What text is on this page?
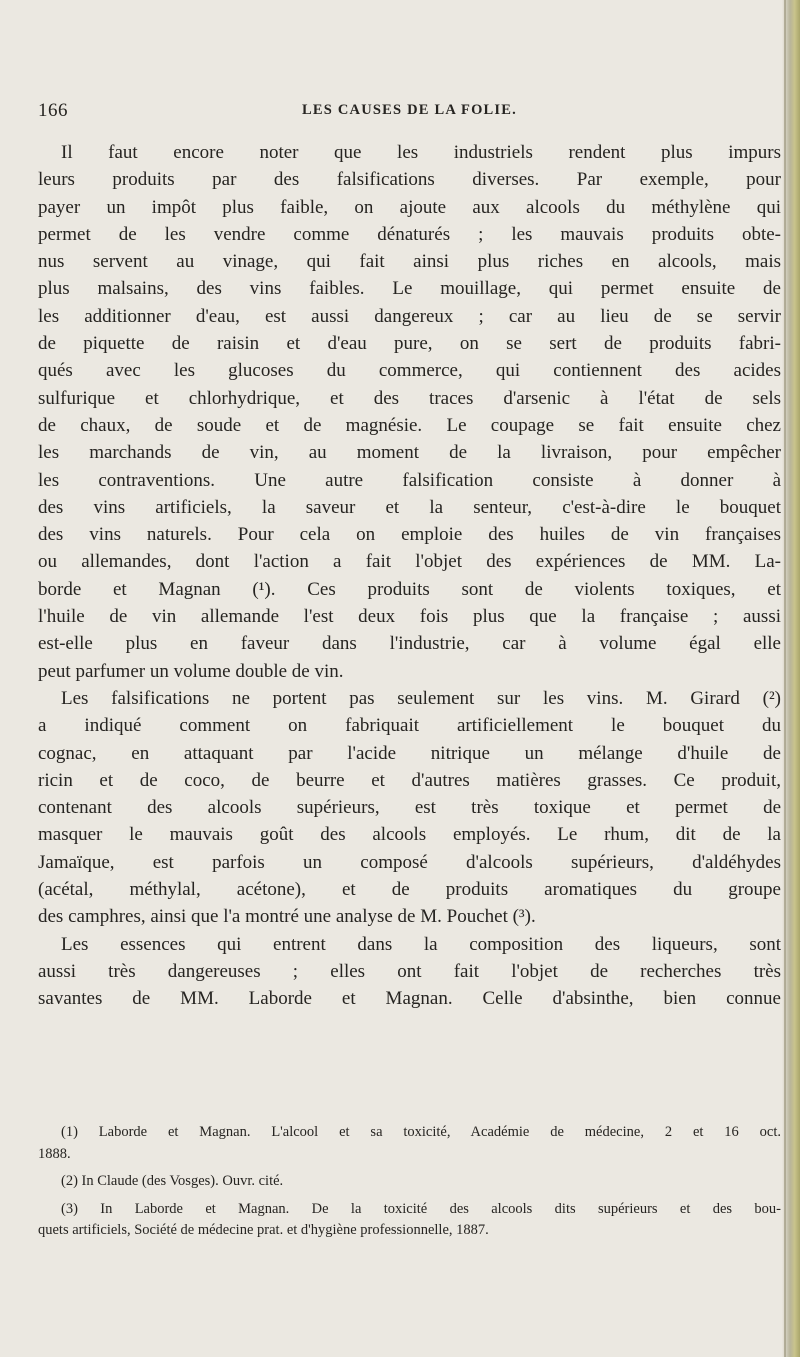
166	LES CAUSES DE LA FOLIE.
Il faut encore noter que les industriels rendent plus impurs
leurs produits par des falsifications diverses. Par exemple, pour
payer un impôt plus faible, on ajoute aux alcools du méthylène qui
permet de les vendre comme dénaturés ; les mauvais produits obte-
nus servent au vinage, qui fait ainsi plus riches en alcools, mais
plus malsains, des vins faibles. Le mouillage, qui permet ensuite de
les additionner d'eau, est aussi dangereux ; car au lieu de se servir
de piquette de raisin et d'eau pure, on se sert de produits fabri-
qués avec les glucoses du commerce, qui contiennent des acides
sulfurique et chlorhydrique, et des traces d'arsenic à l'état de sels
de chaux, de soude et de magnésie. Le coupage se fait ensuite chez
les marchands de vin, au moment de la livraison, pour empêcher
les contraventions. Une autre falsification consiste à donner à
des vins artificiels, la saveur et la senteur, c'est-à-dire le bouquet
des vins naturels. Pour cela on emploie des huiles de vin françaises
ou allemandes, dont l'action a fait l'objet des expériences de MM. La-
borde et Magnan (¹). Ces produits sont de violents toxiques, et
l'huile de vin allemande l'est deux fois plus que la française ; aussi
est-elle plus en faveur dans l'industrie, car à volume égal elle
peut parfumer un volume double de vin.
Les falsifications ne portent pas seulement sur les vins. M. Girard (²)
a indiqué comment on fabriquait artificiellement le bouquet du
cognac, en attaquant par l'acide nitrique un mélange d'huile de
ricin et de coco, de beurre et d'autres matières grasses. Ce produit,
contenant des alcools supérieurs, est très toxique et permet de
masquer le mauvais goût des alcools employés. Le rhum, dit de la
Jamaïque, est parfois un composé d'alcools supérieurs, d'aldéhydes
(acétal, méthylal, acétone), et de produits aromatiques du groupe
des camphres, ainsi que l'a montré une analyse de M. Pouchet (³).
Les essences qui entrent dans la composition des liqueurs, sont
aussi très dangereuses ; elles ont fait l'objet de recherches très
savantes de MM. Laborde et Magnan. Celle d'absinthe, bien connue
(1) Laborde et Magnan. L'alcool et sa toxicité, Académie de médecine, 2 et 16 oct.
1888.
(2) In Claude (des Vosges). Ouvr. cité.
(3) In Laborde et Magnan. De la toxicité des alcools dits supérieurs et des bou-
quets artificiels, Société de médecine prat. et d'hygiène professionnelle, 1887.
